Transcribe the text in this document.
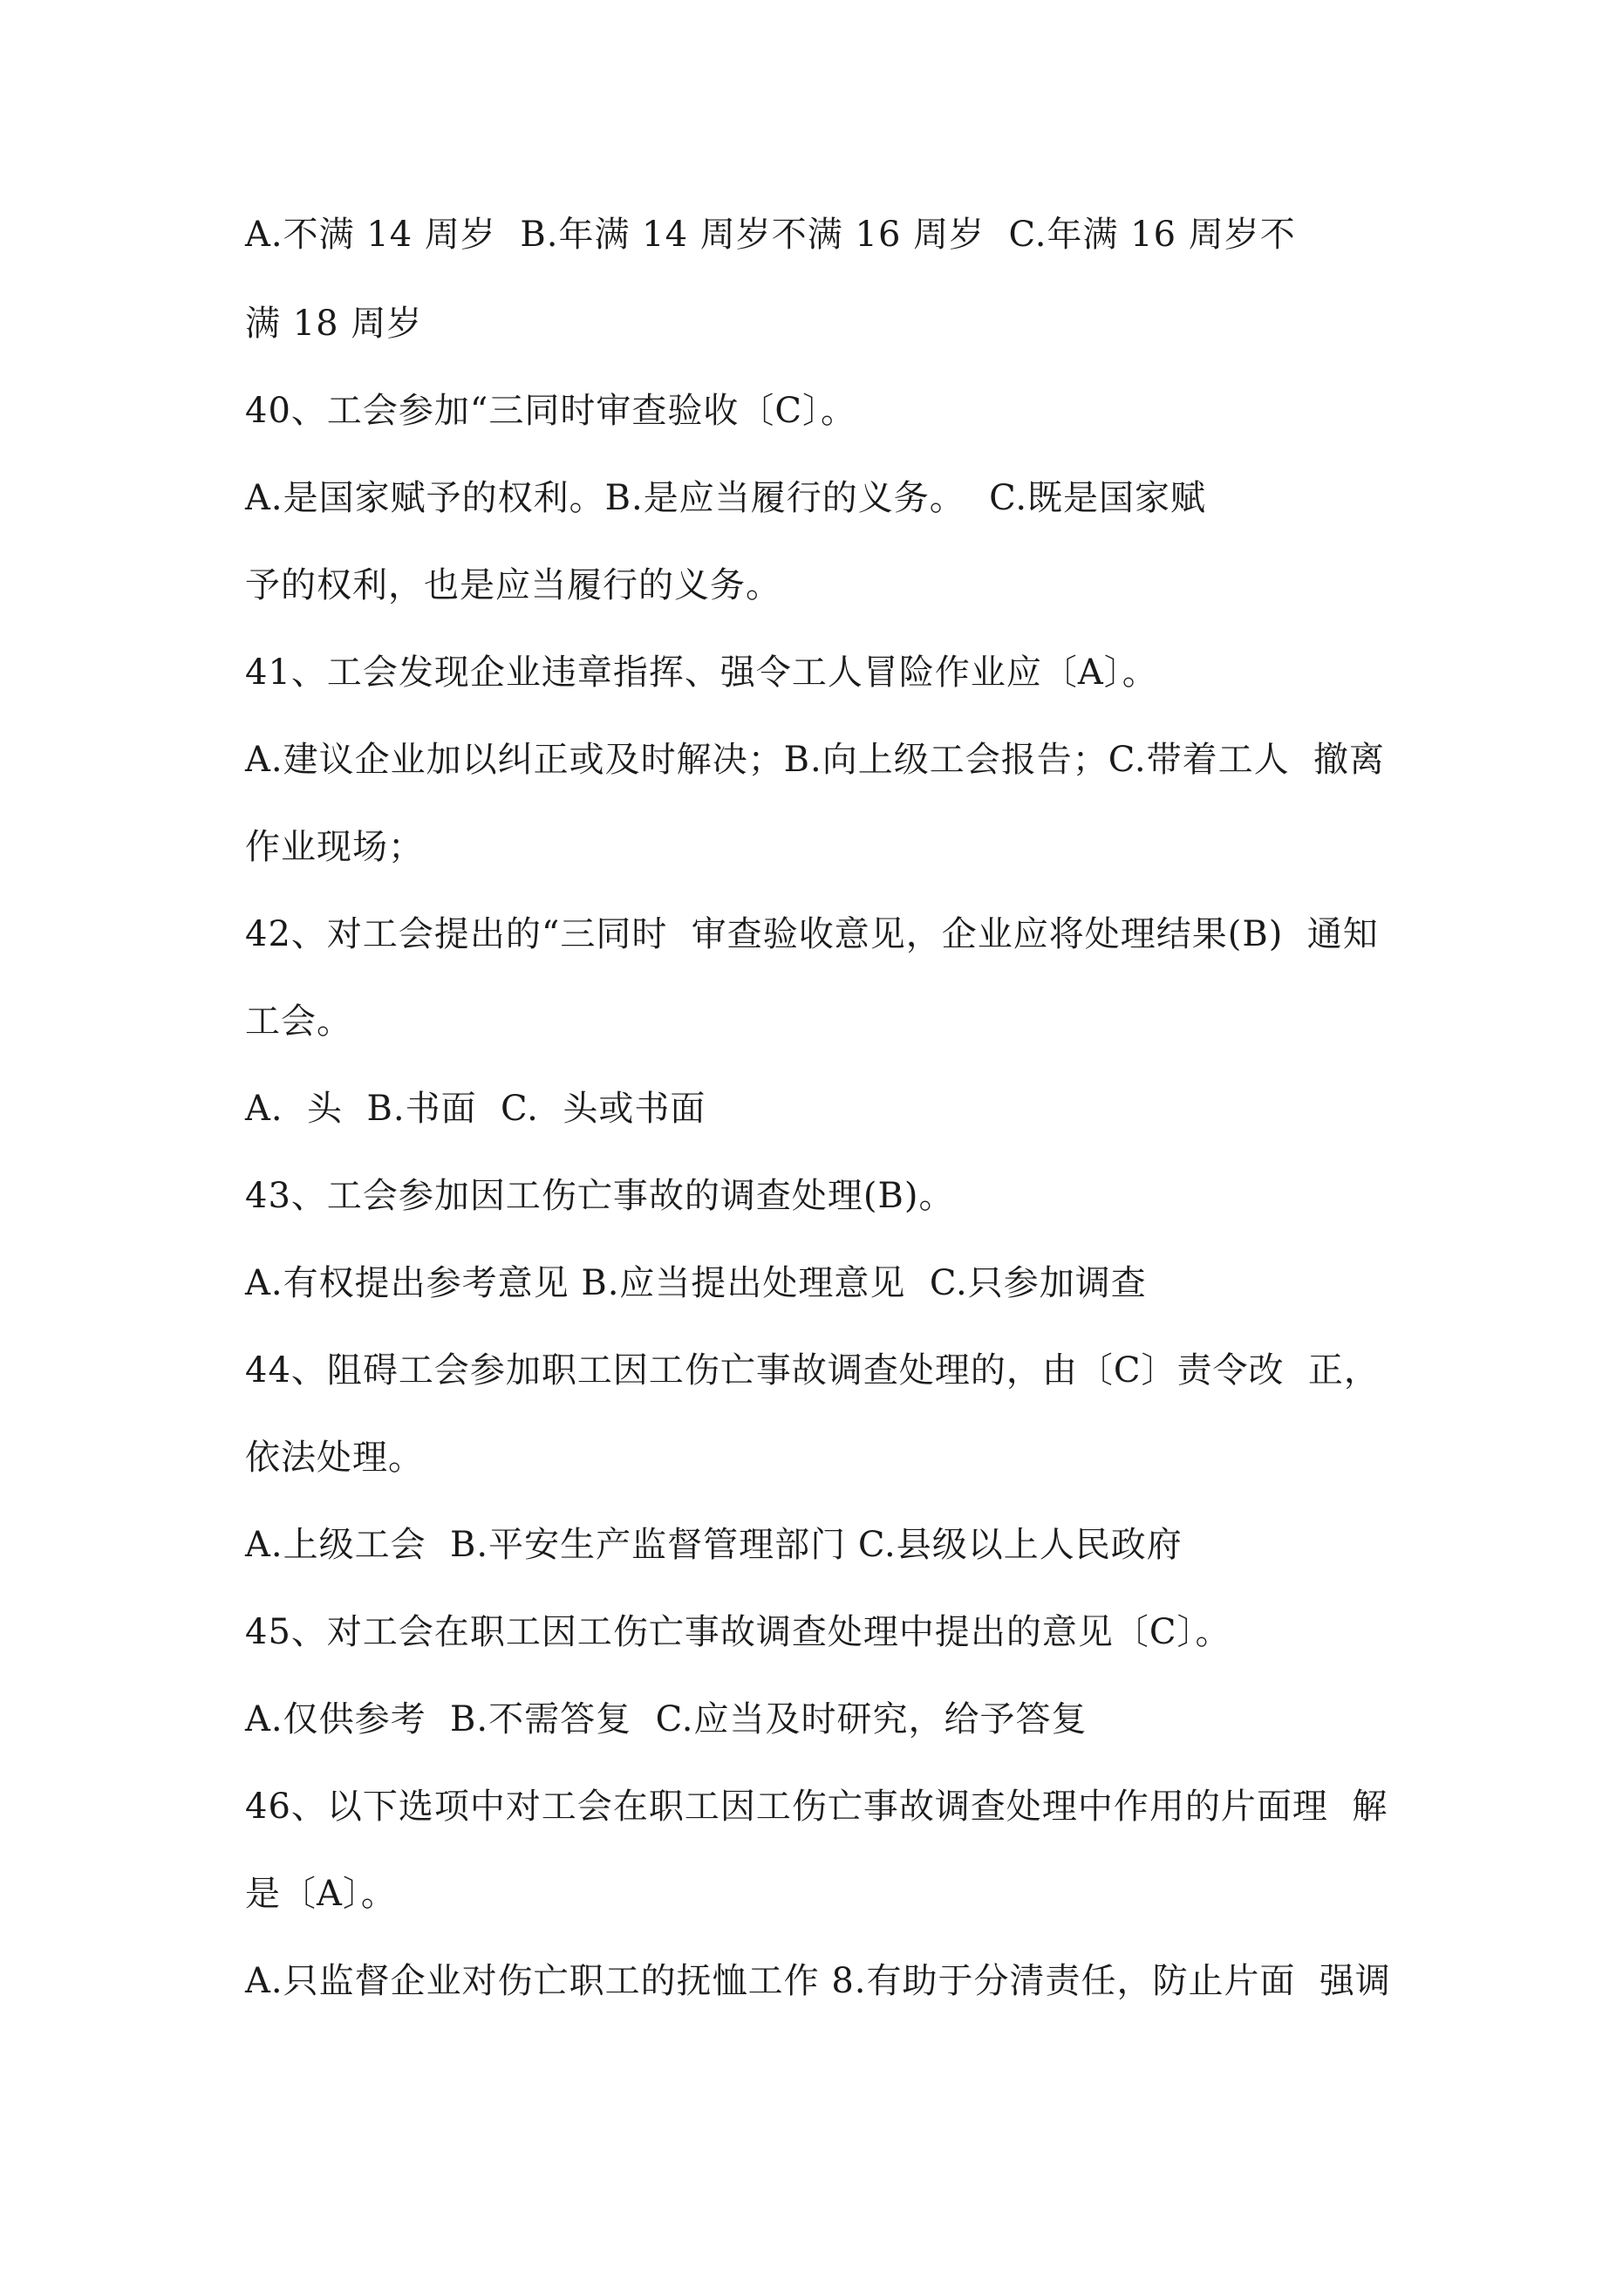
A.不满 14 周岁  B.年满 14 周岁不满 16 周岁  C.年满 16 周岁不
满 18 周岁
40、工会参加“三同时审查验收〔C〕。
A.是国家赋予的权利。B.是应当履行的义务。  C.既是国家赋
予的权利，也是应当履行的义务。
41、工会发现企业违章指挥、强令工人冒险作业应〔A〕。
A.建议企业加以纠正或及时解决；B.向上级工会报告；C.带着工人  撤离
作业现场；
42、对工会提出的“三同时  审查验收意见，企业应将处理结果(B)  通知
工会。
A.  头  B.书面  C.  头或书面
43、工会参加因工伤亡事故的调查处理(B)。
A.有权提出参考意见 B.应当提出处理意见  C.只参加调查
44、阻碍工会参加职工因工伤亡事故调查处理的，由〔C〕责令改  正，
依法处理。
A.上级工会  B.平安生产监督管理部门 C.县级以上人民政府
45、对工会在职工因工伤亡事故调查处理中提出的意见〔C〕。
A.仅供参考  B.不需答复  C.应当及时研究，给予答复
46、以下选项中对工会在职工因工伤亡事故调查处理中作用的片面理  解
是〔A〕。
A.只监督企业对伤亡职工的抚恤工作 8.有助于分清责任，防止片面  强调
